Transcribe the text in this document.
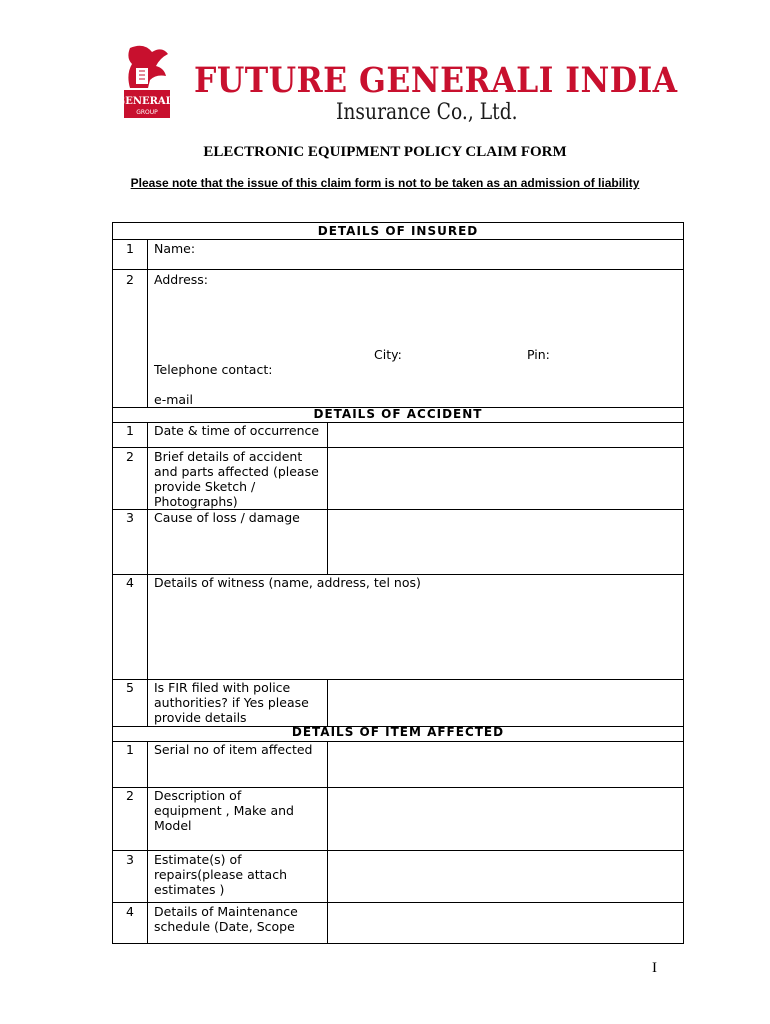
GENERALI
GROUP
FUTURE GENERALI INDIA
Insurance Co., Ltd.
ELECTRONIC EQUIPMENT POLICY CLAIM FORM
Please note that the issue of this claim form is not to be taken as an admission of liability
DETAILS OF INSURED
1	Name:
2	Address:
City:	Pin:
Telephone contact:
e-mail
DETAILS OF ACCIDENT
1	Date & time of occurrence
2	Brief details of accident
and parts affected (please
provide Sketch /
Photographs)
3	Cause of loss / damage
4	Details of witness (name, address, tel nos)
5	Is FIR filed with police
authorities? if Yes please
provide details
DETAILS OF ITEM AFFECTED
1	Serial no of item affected
2	Description of
equipment , Make and
Model
3	Estimate(s) of
repairs(please attach
estimates )
4	Details of Maintenance
schedule (Date, Scope
I
